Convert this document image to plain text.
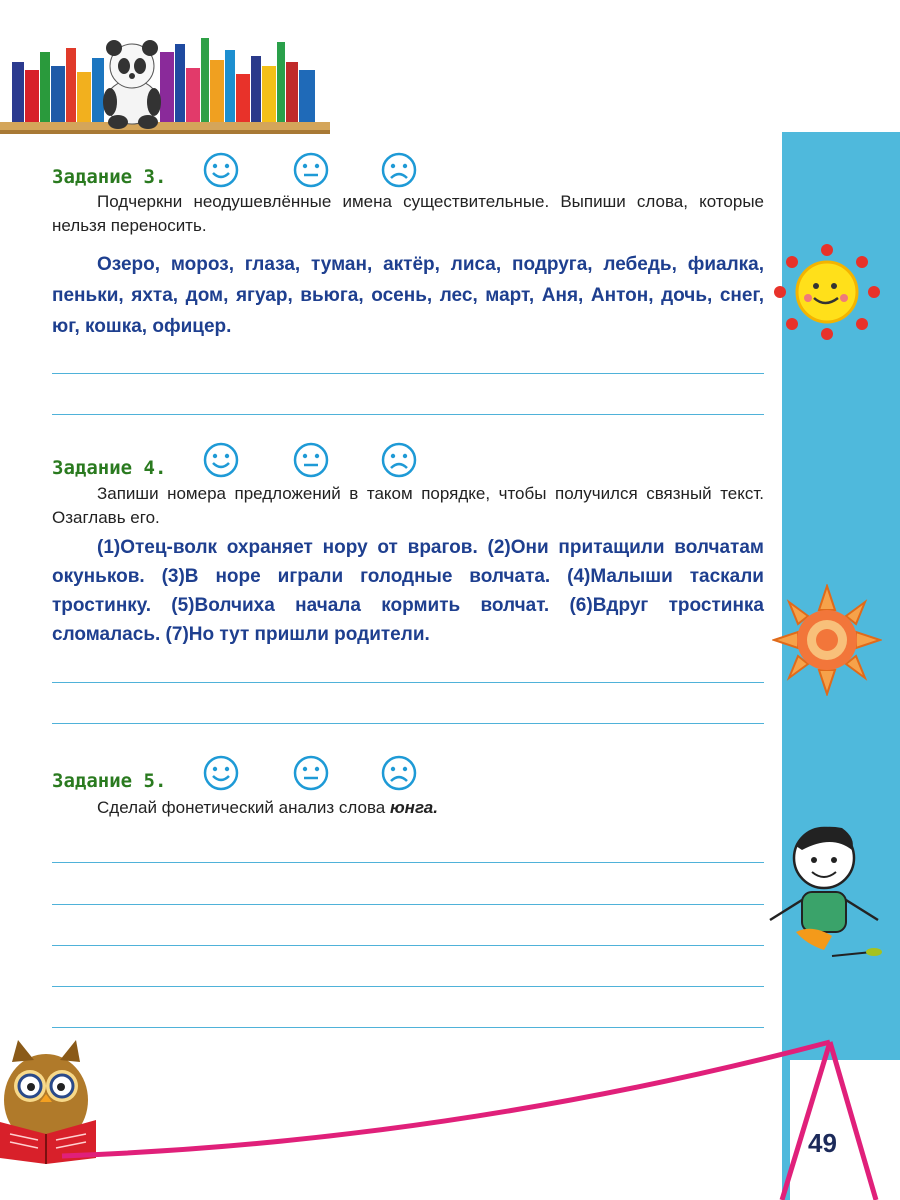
49
Задание 3.
Подчеркни неодушевлённые имена существительные. Выпиши слова, которые нельзя переносить.
Озеро, мороз, глаза, туман, актёр, лиса, подруга, лебедь, фиалка, пеньки, яхта, дом, ягуар, вьюга, осень, лес, март, Аня, Антон, дочь, снег, юг, кошка, офицер.
Задание 4.
Запиши номера предложений в таком порядке, чтобы получился связный текст. Озаглавь его.
(1)Отец-волк охраняет нору от врагов. (2)Они притащили волчатам окуньков. (3)В норе играли голодные волчата. (4)Малыши таскали тростинку. (5)Волчиха начала кормить волчат. (6)Вдруг тростинка сломалась. (7)Но тут пришли родители.
Задание 5.
Сделай фонетический анализ слова юнга.
